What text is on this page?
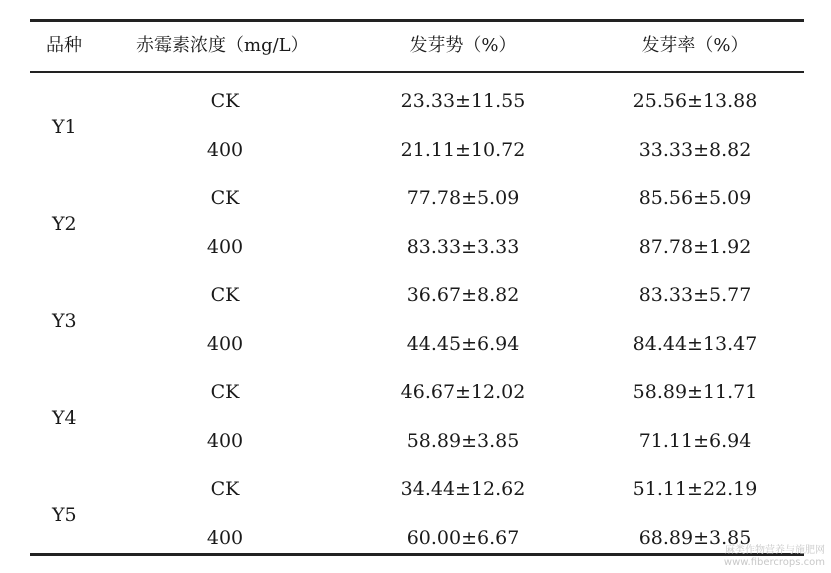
品种	赤霉素浓度（mg/L）	发芽势（%）	发芽率（%）
Y1
CK	23.33±11.55	25.56±13.88
400	21.11±10.72	33.33±8.82
Y2
CK	77.78±5.09	85.56±5.09
400	83.33±3.33	87.78±1.92
Y3
CK	36.67±8.82	83.33±5.77
400	44.45±6.94	84.44±13.47
Y4
CK	46.67±12.02	58.89±11.71
400	58.89±3.85	71.11±6.94
Y5
CK	34.44±12.62	51.11±22.19
400	60.00±6.67	68.89±3.85
麻类作物营养与施肥网
www.fibercrops.com
